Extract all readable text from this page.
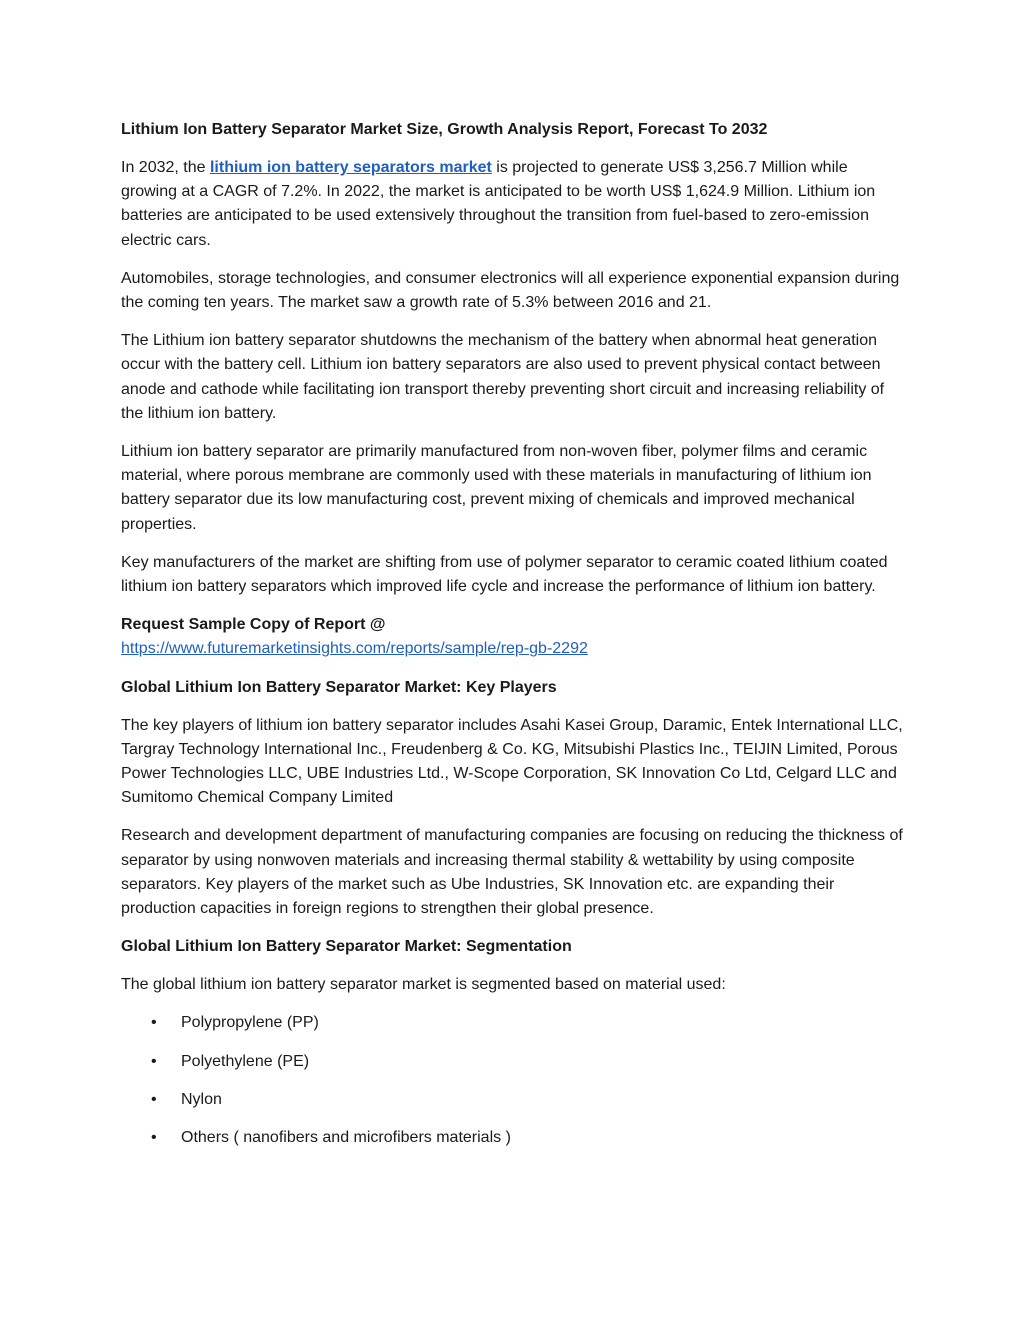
Lithium Ion Battery Separator Market Size, Growth Analysis Report, Forecast To 2032

In 2032, the lithium ion battery separators market is projected to generate US$ 3,256.7 Million while growing at a CAGR of 7.2%. In 2022, the market is anticipated to be worth US$ 1,624.9 Million. Lithium ion batteries are anticipated to be used extensively throughout the transition from fuel-based to zero-emission electric cars.

Automobiles, storage technologies, and consumer electronics will all experience exponential expansion during the coming ten years. The market saw a growth rate of 5.3% between 2016 and 21.

The Lithium ion battery separator shutdowns the mechanism of the battery when abnormal heat generation occur with the battery cell. Lithium ion battery separators are also used to prevent physical contact between anode and cathode while facilitating ion transport thereby preventing short circuit and increasing reliability of the lithium ion battery.

Lithium ion battery separator are primarily manufactured from non-woven fiber, polymer films and ceramic material, where porous membrane are commonly used with these materials in manufacturing of lithium ion battery separator due its low manufacturing cost, prevent mixing of chemicals and improved mechanical properties.

Key manufacturers of the market are shifting from use of polymer separator to ceramic coated lithium coated lithium ion battery separators which improved life cycle and increase the performance of lithium ion battery.

Request Sample Copy of Report @
https://www.futuremarketinsights.com/reports/sample/rep-gb-2292
Global Lithium Ion Battery Separator Market: Key Players

The key players of lithium ion battery separator includes Asahi Kasei Group, Daramic, Entek International LLC, Targray Technology International Inc., Freudenberg & Co. KG, Mitsubishi Plastics Inc., TEIJIN Limited, Porous Power Technologies LLC, UBE Industries Ltd., W-Scope Corporation, SK Innovation Co Ltd, Celgard LLC and Sumitomo Chemical Company Limited

Research and development department of manufacturing companies are focusing on reducing the thickness of separator by using nonwoven materials and increasing thermal stability & wettability by using composite separators. Key players of the market such as Ube Industries, SK Innovation etc. are expanding their production capacities in foreign regions to strengthen their global presence.

Global Lithium Ion Battery Separator Market: Segmentation

The global lithium ion battery separator market is segmented based on material used:

• Polypropylene (PP)
• Polyethylene (PE)
• Nylon
• Others ( nanofibers and microfibers materials )
